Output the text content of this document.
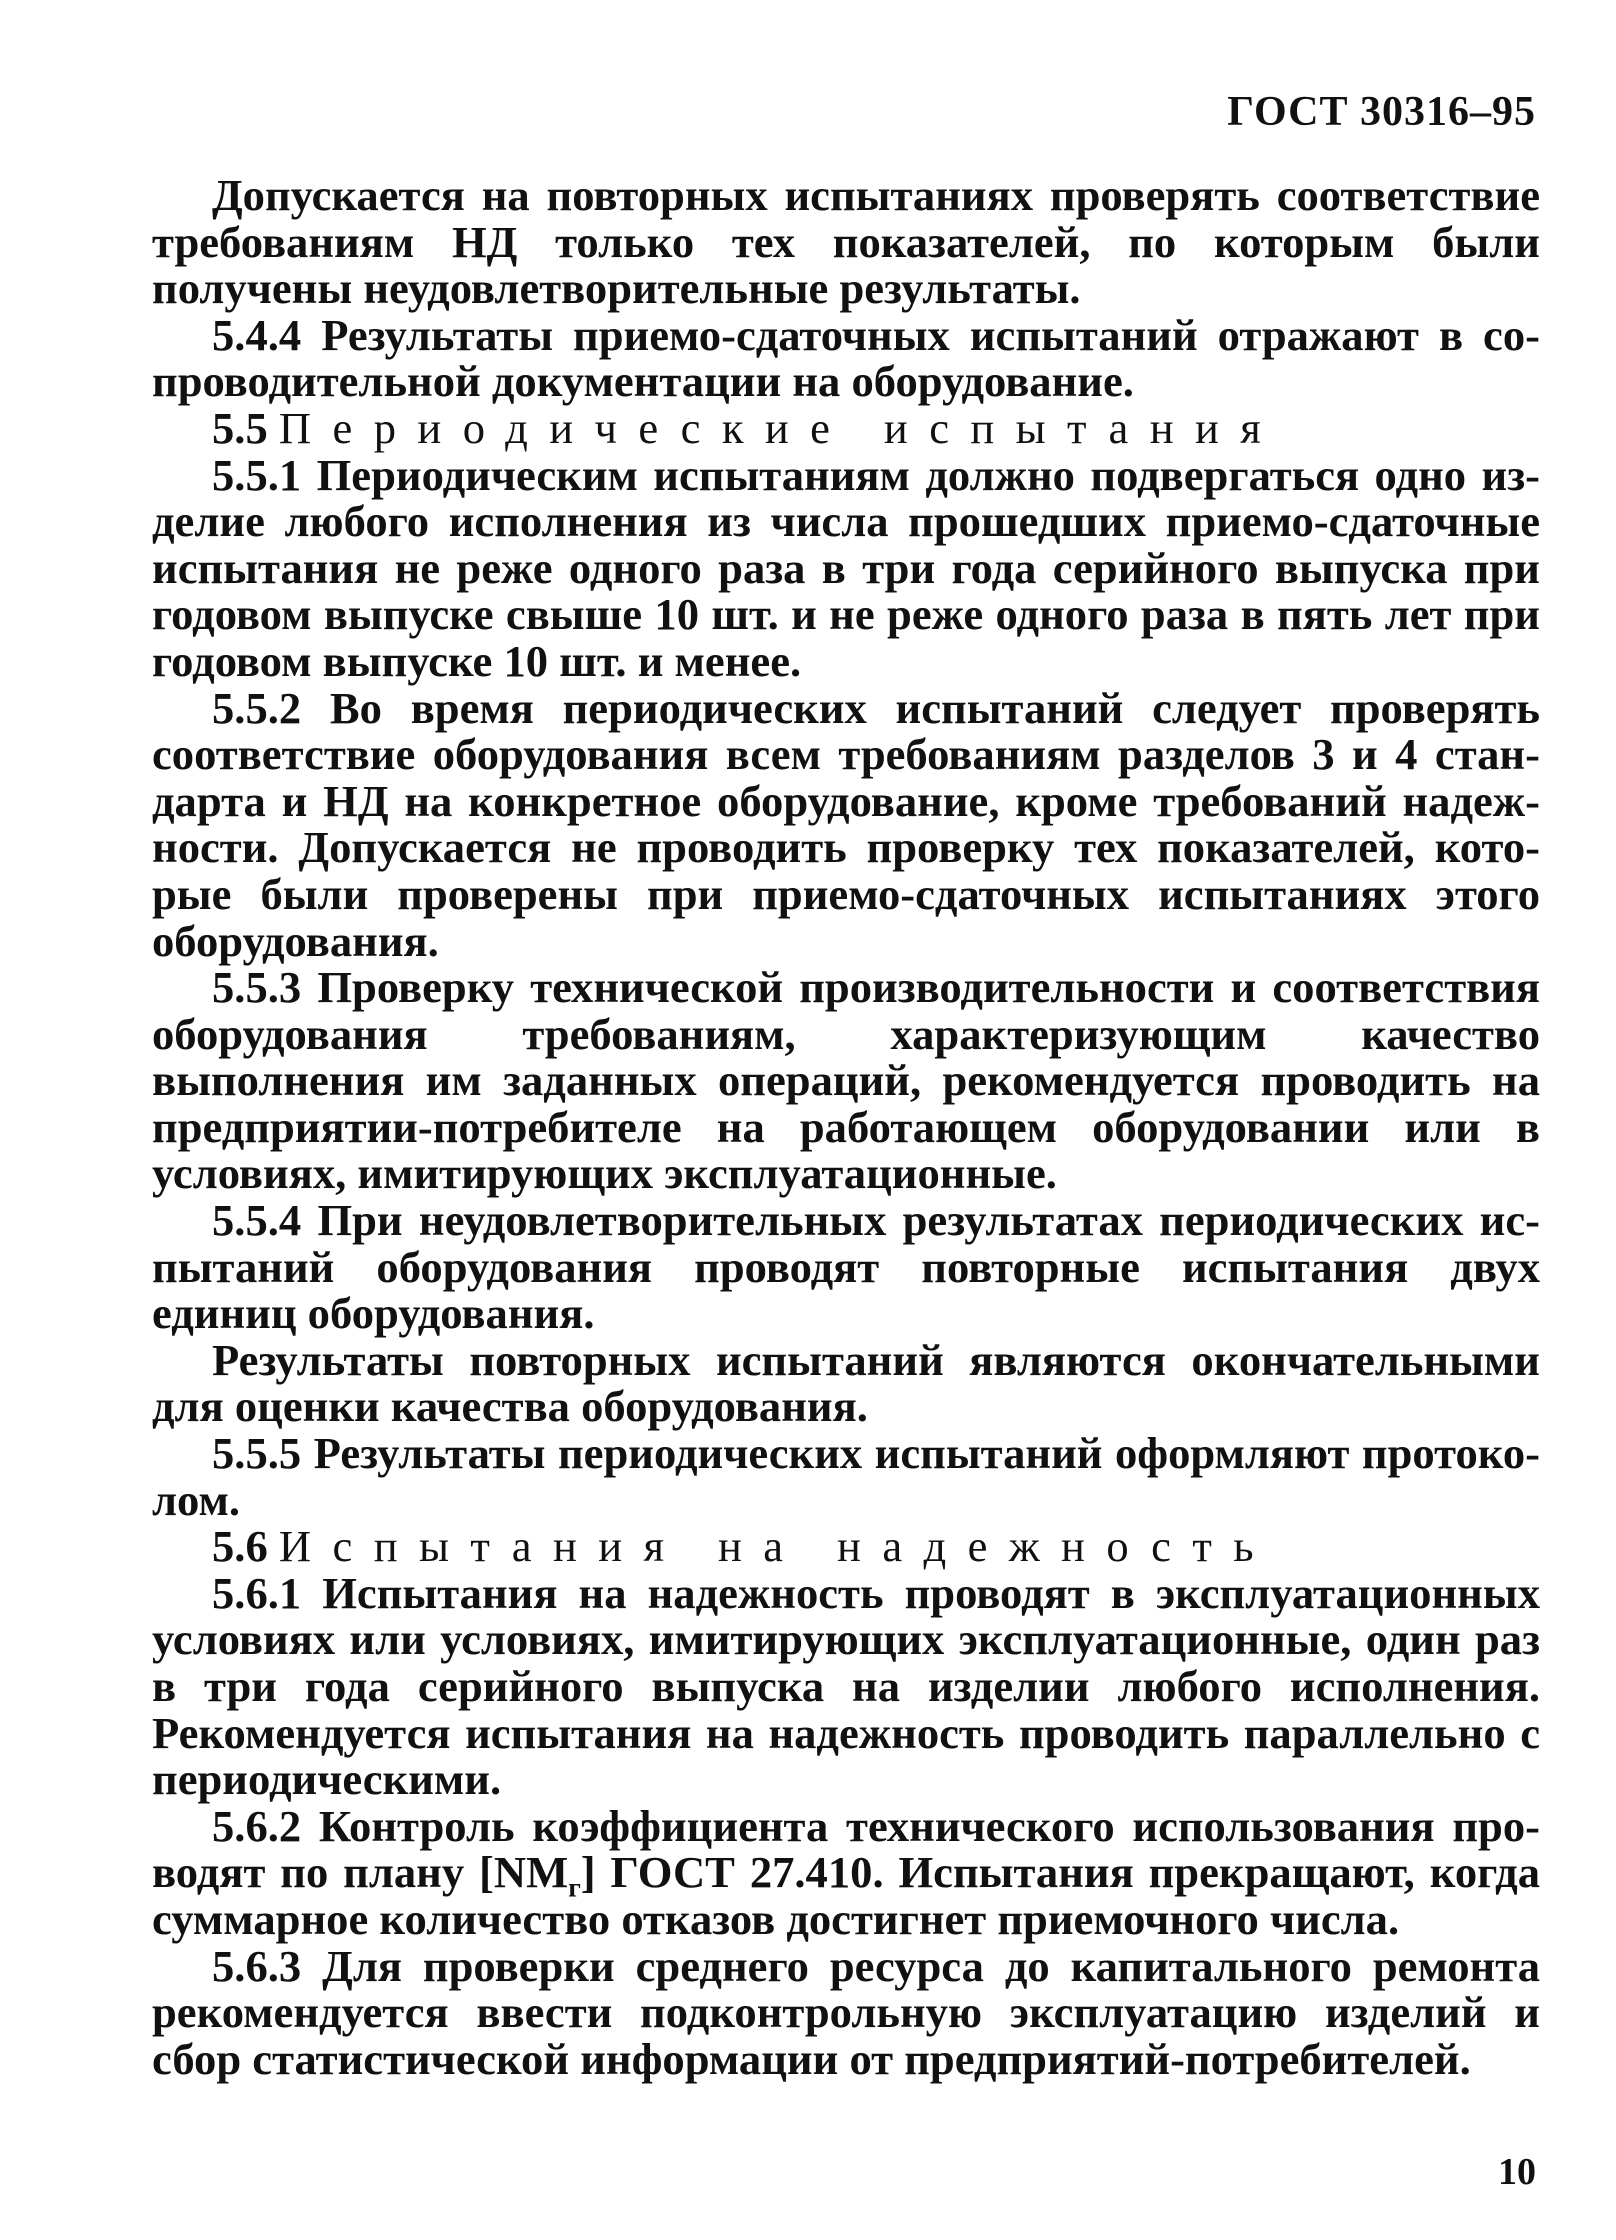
ГОСТ 30316–95

Допускается на повторных испытаниях проверять соответствие требованиям НД только тех показателей, по которым были получены неудовлетворительные результаты.

5.4.4 Результаты приемо-сдаточных испытаний отражают в сопроводительной документации на оборудование.

5.5 Периодические испытания

5.5.1 Периодическим испытаниям должно подвергаться одно изделие любого исполнения из числа прошедших приемо-сдаточные испытания не реже одного раза в три года серийного выпуска при годовом выпуске свыше 10 шт. и не реже одного раза в пять лет при годовом выпуске 10 шт. и менее.

5.5.2 Во время периодических испытаний следует проверять соответствие оборудования всем требованиям разделов 3 и 4 стандарта и НД на конкретное оборудование, кроме требований надежности. Допускается не проводить проверку тех показателей, которые были проверены при приемо-сдаточных испытаниях этого оборудования.

5.5.3 Проверку технической производительности и соответствия оборудования требованиям, характеризующим качество выполнения им заданных операций, рекомендуется проводить на предприятии-потребителе на работающем оборудовании или в условиях, имитирующих эксплуатационные.

5.5.4 При неудовлетворительных результатах периодических испытаний оборудования проводят повторные испытания двух единиц оборудования.

Результаты повторных испытаний являются окончательными для оценки качества оборудования.

5.5.5 Результаты периодических испытаний оформляют протоколом.

5.6 Испытания на надежность

5.6.1 Испытания на надежность проводят в эксплуатационных условиях или условиях, имитирующих эксплуатационные, один раз в три года серийного выпуска на изделии любого исполнения. Рекомендуется испытания на надежность проводить параллельно с периодическими.

5.6.2 Контроль коэффициента технического использования проводят по плану $[NM_г]$ ГОСТ 27.410. Испытания прекращают, когда суммарное количество отказов достигнет приемочного числа.

5.6.3 Для проверки среднего ресурса до капитального ремонта рекомендуется ввести подконтрольную эксплуатацию изделий и сбор статистической информации от предприятий-потребителей.

10
